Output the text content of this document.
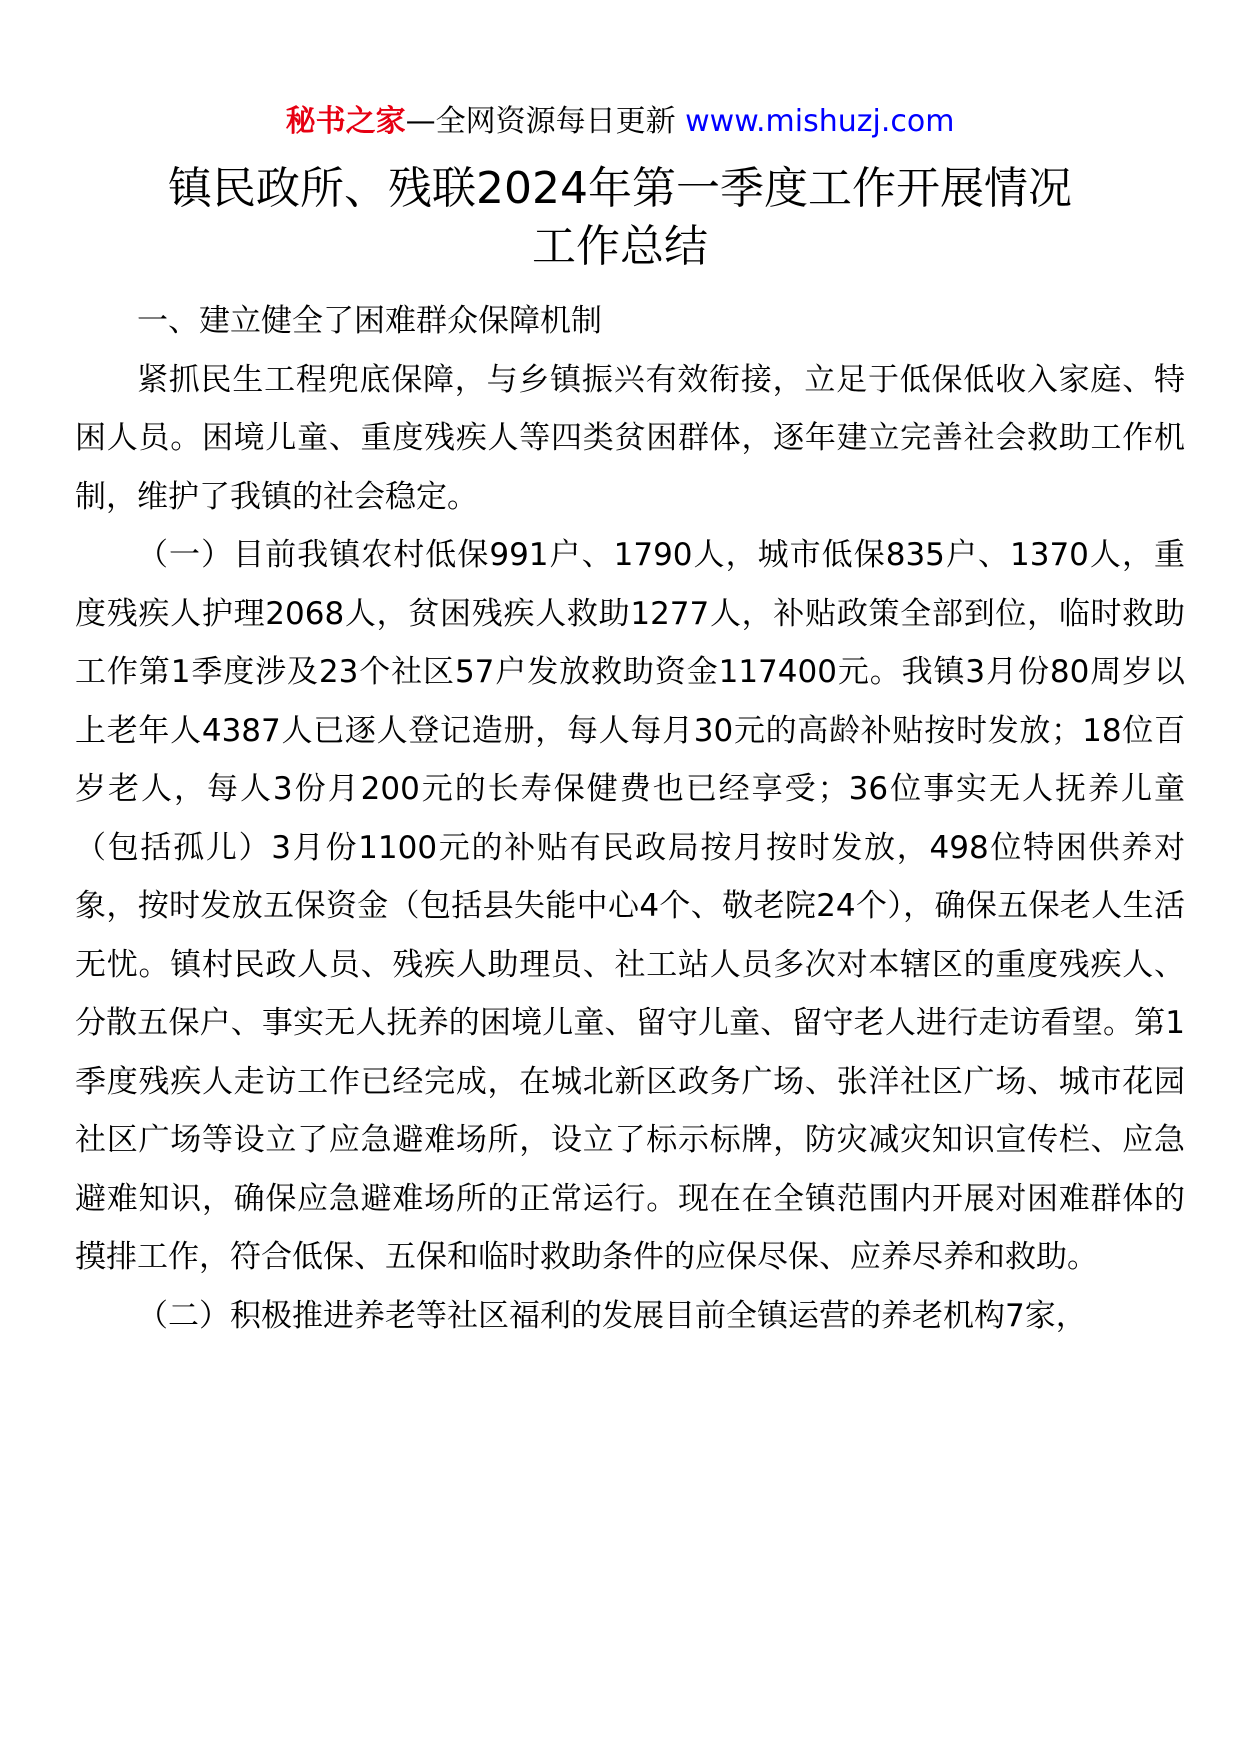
秘书之家—全网资源每日更新 www.mishuzj.com
镇民政所、残联2024年第一季度工作开展情况
工作总结

一、建立健全了困难群众保障机制

紧抓民生工程兜底保障，与乡镇振兴有效衔接，立足于低保低收入家庭、特困人员。困境儿童、重度残疾人等四类贫困群体，逐年建立完善社会救助工作机制，维护了我镇的社会稳定。

（一）目前我镇农村低保991户、1790人，城市低保835户、1370人，重度残疾人护理2068人，贫困残疾人救助1277人，补贴政策全部到位，临时救助工作第1季度涉及23个社区57户发放救助资金117400元。我镇3月份80周岁以上老年人4387人已逐人登记造册，每人每月30元的高龄补贴按时发放；18位百岁老人，每人3份月200元的长寿保健费也已经享受；36位事实无人抚养儿童（包括孤儿）3月份1100元的补贴有民政局按月按时发放，498位特困供养对象，按时发放五保资金（包括县失能中心4个、敬老院24个），确保五保老人生活无忧。镇村民政人员、残疾人助理员、社工站人员多次对本辖区的重度残疾人、分散五保户、事实无人抚养的困境儿童、留守儿童、留守老人进行走访看望。第1季度残疾人走访工作已经完成，在城北新区政务广场、张洋社区广场、城市花园社区广场等设立了应急避难场所，设立了标示标牌，防灾减灾知识宣传栏、应急避难知识，确保应急避难场所的正常运行。现在在全镇范围内开展对困难群体的摸排工作，符合低保、五保和临时救助条件的应保尽保、应养尽养和救助。

（二）积极推进养老等社区福利的发展目前全镇运营的养老机构7家，
